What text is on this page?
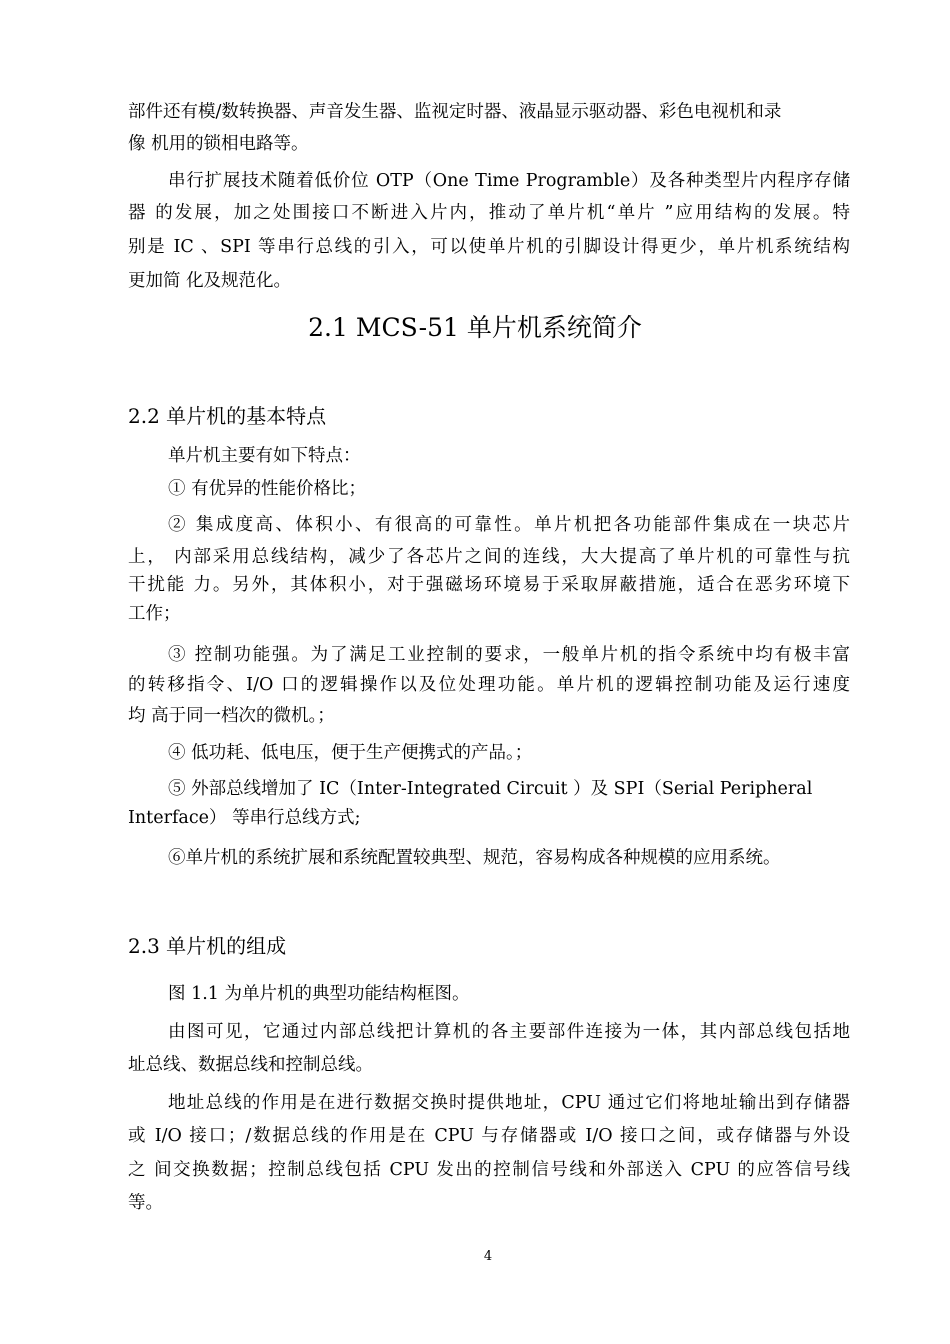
部件还有模/数转换器、声音发生器、监视定时器、液晶显示驱动器、彩色电视机和录
像 机用的锁相电路等。
串行扩展技术随着低价位 OTP（One Time Programble）及各种类型片内程序存储
器 的发展，加之处围接口不断进入片内，推动了单片机“单片 ”应用结构的发展。特
别是 IC 、SPI 等串行总线的引入，可以使单片机的引脚设计得更少，单片机系统结构
更加简 化及规范化。
2.1 MCS-51 单片机系统简介
2.2 单片机的基本特点
单片机主要有如下特点：
① 有优异的性能价格比；
② 集成度高、体积小、有很高的可靠性。单片机把各功能部件集成在一块芯片
上， 内部采用总线结构，减少了各芯片之间的连线，大大提高了单片机的可靠性与抗
干扰能 力。另外，其体积小，对于强磁场环境易于采取屏蔽措施，适合在恶劣环境下
工作；
③ 控制功能强。为了满足工业控制的要求，一般单片机的指令系统中均有极丰富
的转移指令、I/O 口的逻辑操作以及位处理功能。单片机的逻辑控制功能及运行速度
均 高于同一档次的微机。；
④ 低功耗、低电压，便于生产便携式的产品。；
⑤ 外部总线增加了 IC（Inter-Integrated Circuit ）及 SPI（Serial Peripheral
Interface） 等串行总线方式;
⑥单片机的系统扩展和系统配置较典型、规范，容易构成各种规模的应用系统。
2.3 单片机的组成
图 1.1 为单片机的典型功能结构框图。
由图可见，它通过内部总线把计算机的各主要部件连接为一体，其内部总线包括地
址总线、数据总线和控制总线。
地址总线的作用是在进行数据交换时提供地址，CPU 通过它们将地址输出到存储器
或 I/O 接口；/数据总线的作用是在 CPU 与存储器或 I/O 接口之间，或存储器与外设
之 间交换数据；控制总线包括 CPU 发出的控制信号线和外部送入 CPU 的应答信号线
等。
4
